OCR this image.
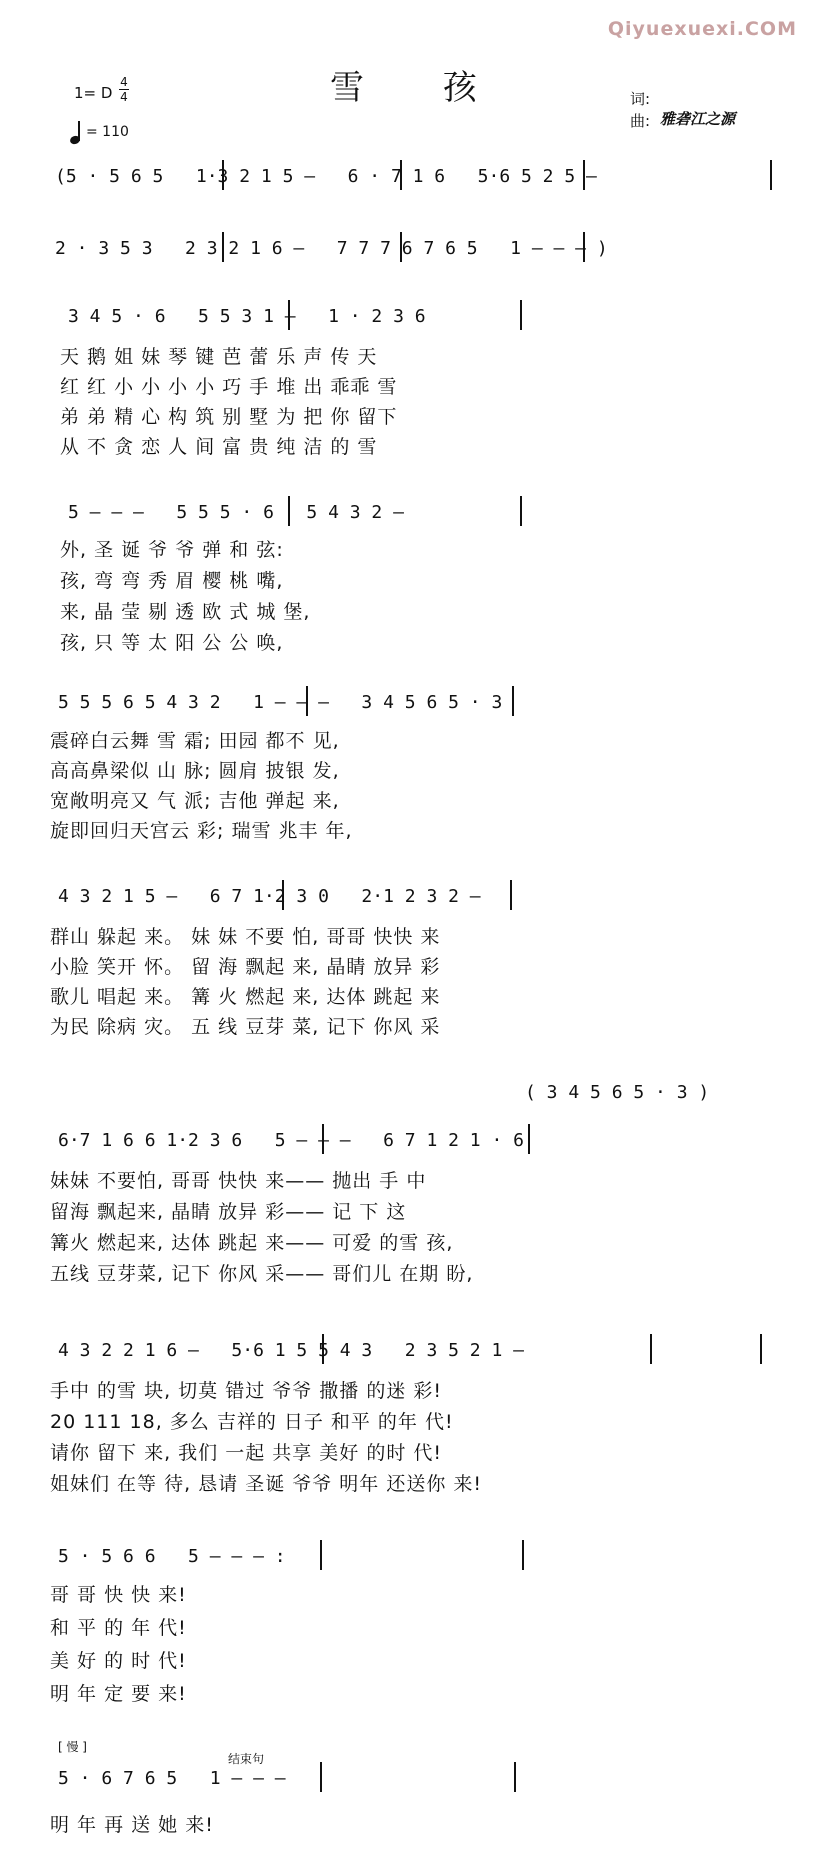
Qiyuexuexi.COM
雪 孩
1= D
4
4
= 110
词:
曲: 雅砻江之源
(5 · 5 6 5   1·3 2 1 5 –   6 · 7 1 6   5·6 5 2 5 –
2 · 3 5 3   2 3 2 1 6 –   7 7 7 6 7 6 5   1 – – – )
3 4 5 · 6   5 5 3 1 –   1 · 2 3 6
天 鹅 姐 妹 琴 键 芭 蕾 乐 声 传 天
红 红 小 小 小 小 巧 手 堆 出 乖乖 雪
弟 弟 精 心 构 筑 别 墅 为 把 你 留下
从 不 贪 恋 人 间 富 贵 纯 洁 的 雪
5 – – –   5 5 5 · 6   5 4 3 2 –
外, 圣 诞 爷 爷 弹 和 弦:
孩, 弯 弯 秀 眉 樱 桃 嘴,
来, 晶 莹 剔 透 欧 式 城 堡,
孩, 只 等 太 阳 公 公 唤,
5 5 5 6 5 4 3 2   1 – – –   3 4 5 6 5 · 3
震碎白云舞 雪 霜; 田园 都不 见,
高高鼻梁似 山 脉; 圆肩 披银 发,
宽敞明亮又 气 派; 吉他 弹起 来,
旋即回归天宫云 彩; 瑞雪 兆丰 年,
4 3 2 1 5 –   6 7 1·2 3 0   2·1 2 3 2 –
群山 躲起 来。 妹 妹 不要 怕, 哥哥 快快 来
小脸 笑开 怀。 留 海 飘起 来, 晶睛 放异 彩
歌儿 唱起 来。 篝 火 燃起 来, 达体 跳起 来
为民 除病 灾。 五 线 豆芽 菜, 记下 你风 采
( 3 4 5 6 5 · 3 )
6·7 1 6 6 1·2 3 6   5 – – –   6 7 1 2 1 · 6
妹妹 不要怕, 哥哥 快快 来—— 抛出 手 中
留海 飘起来, 晶睛 放异 彩—— 记 下 这
篝火 燃起来, 达体 跳起 来—— 可爱 的雪 孩,
五线 豆芽菜, 记下 你风 采—— 哥们儿 在期 盼,
4 3 2 2 1 6 –   5·6 1 5 5 4 3   2 3 5 2 1 –
手中 的雪 块, 切莫 错过 爷爷 撒播 的迷 彩!
20 111 18, 多么 吉祥的 日子 和平 的年 代!
请你 留下 来, 我们 一起 共享 美好 的时 代!
姐妹们 在等 待, 恳请 圣诞 爷爷 明年 还送你 来!
5 · 5 6 6   5 – – – :
哥 哥 快 快 来!
和 平 的 年 代!
美 好 的 时 代!
明 年 定 要 来!
5 · 6 7 6 5   1 – – –
明 年 再 送 她 来!
[ 慢 ]
结束句
